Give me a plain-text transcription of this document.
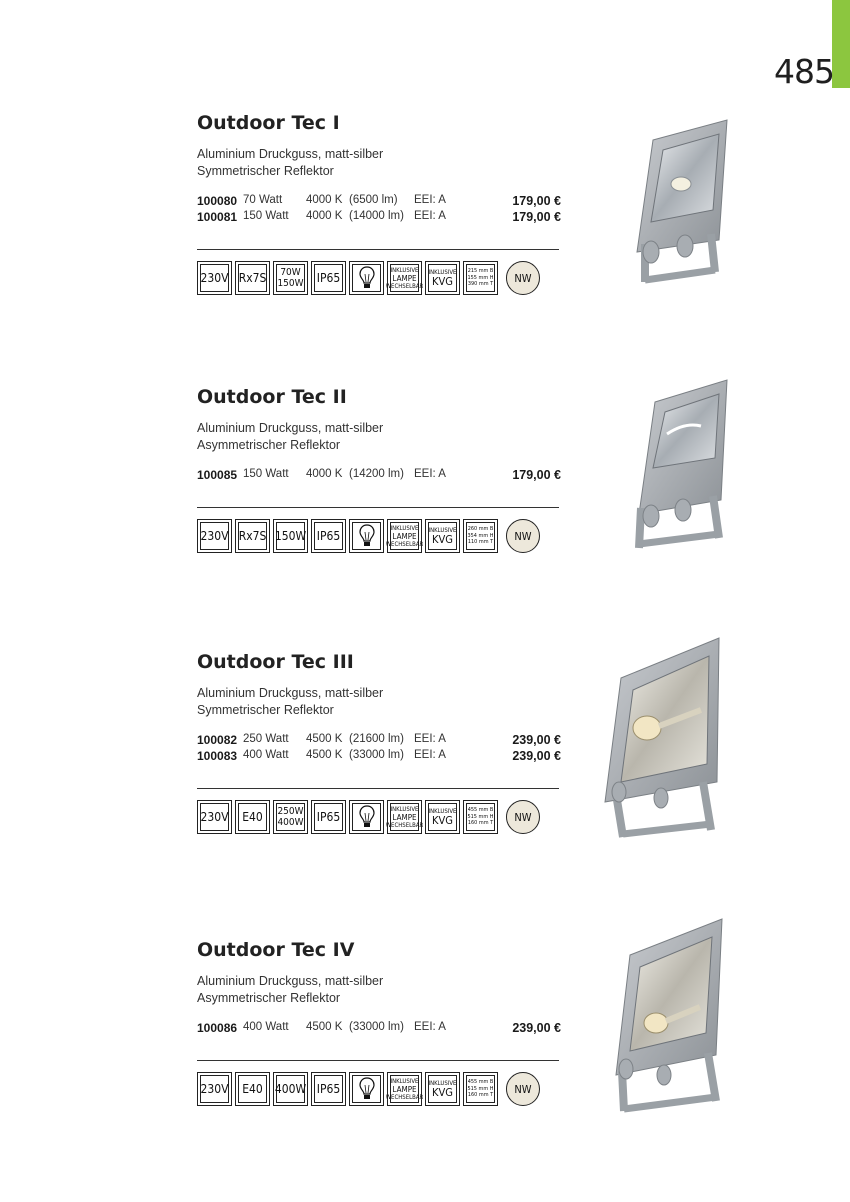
485
Outdoor Tec I
Aluminium Druckguss, matt-silber
Symmetrischer Reflektor
100080 70 Watt 4000 K (6500 lm) EEI: A	179,00 €
100081 150 Watt 4000 K (14000 lm) EEI: A	179,00 €
230V Rx7S	70W
150W	IP65
INKLUSIVE
LAMPE
WECHSELBAR
INKLUSIVE
KVG
215 mm B
155 mm H
390 mm T	NW
Outdoor Tec II
Aluminium Druckguss, matt-silber
Asymmetrischer Reflektor
100085 150 Watt 4000 K (14200 lm) EEI: A	179,00 €
230V Rx7S 150W IP65
INKLUSIVE
LAMPE
WECHSELBAR
INKLUSIVE
KVG
260 mm B
354 mm H
110 mm T	NW
Outdoor Tec III
Aluminium Druckguss, matt-silber
Symmetrischer Reflektor
100082 250 Watt 4500 K (21600 lm) EEI: A	239,00 €
100083 400 Watt 4500 K (33000 lm) EEI: A	239,00 €
230V	E40	250W
400W	IP65
INKLUSIVE
LAMPE
WECHSELBAR
INKLUSIVE
KVG
455 mm B
515 mm H
160 mm T	NW
Outdoor Tec IV
Aluminium Druckguss, matt-silber
Asymmetrischer Reflektor
100086 400 Watt 4500 K (33000 lm) EEI: A	239,00 €
230V	E40	400W IP65
INKLUSIVE
LAMPE
WECHSELBAR
INKLUSIVE
KVG
455 mm B
515 mm H
160 mm T	NW
